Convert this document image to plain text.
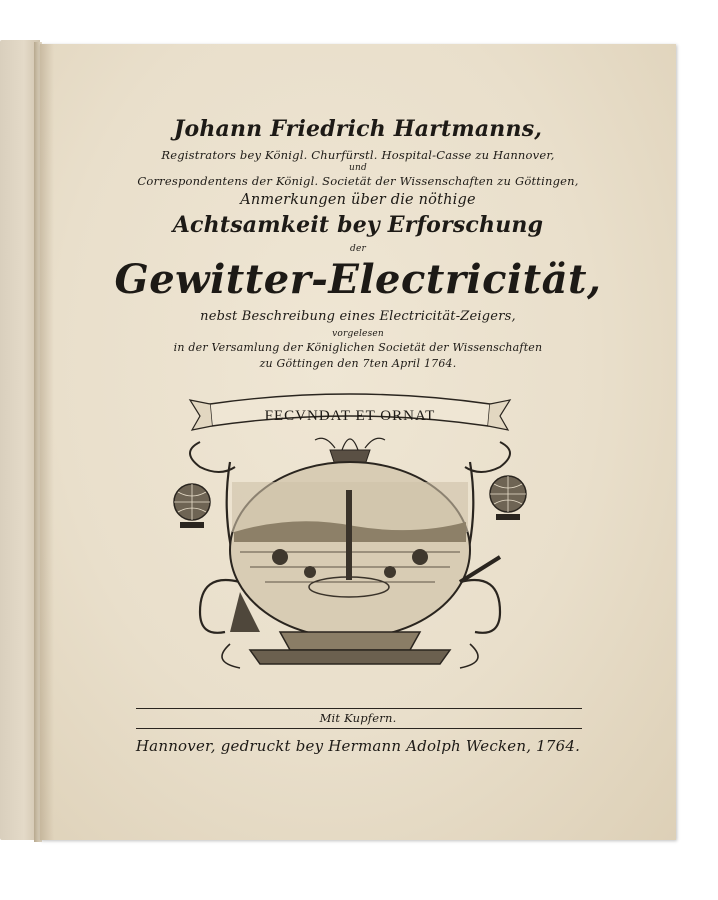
Johann Friedrich Hartmanns,
Registrators bey Königl. Churfürstl. Hospital-Casse zu Hannover,
und
Correspondentens der Königl. Societät der Wissenschaften zu Göttingen,
Anmerkungen über die nöthige
Achtsamkeit bey Erforschung
der
Gewitter-Electricität,
nebst Beschreibung eines Electricität-Zeigers,
vorgelesen
in der Versamlung der Königlichen Societät der Wissenschaften
zu Göttingen den 7ten April 1764.
FECVNDAT ET ORNAT
Mit Kupfern.
Hannover, gedruckt bey Hermann Adolph Wecken, 1764.
